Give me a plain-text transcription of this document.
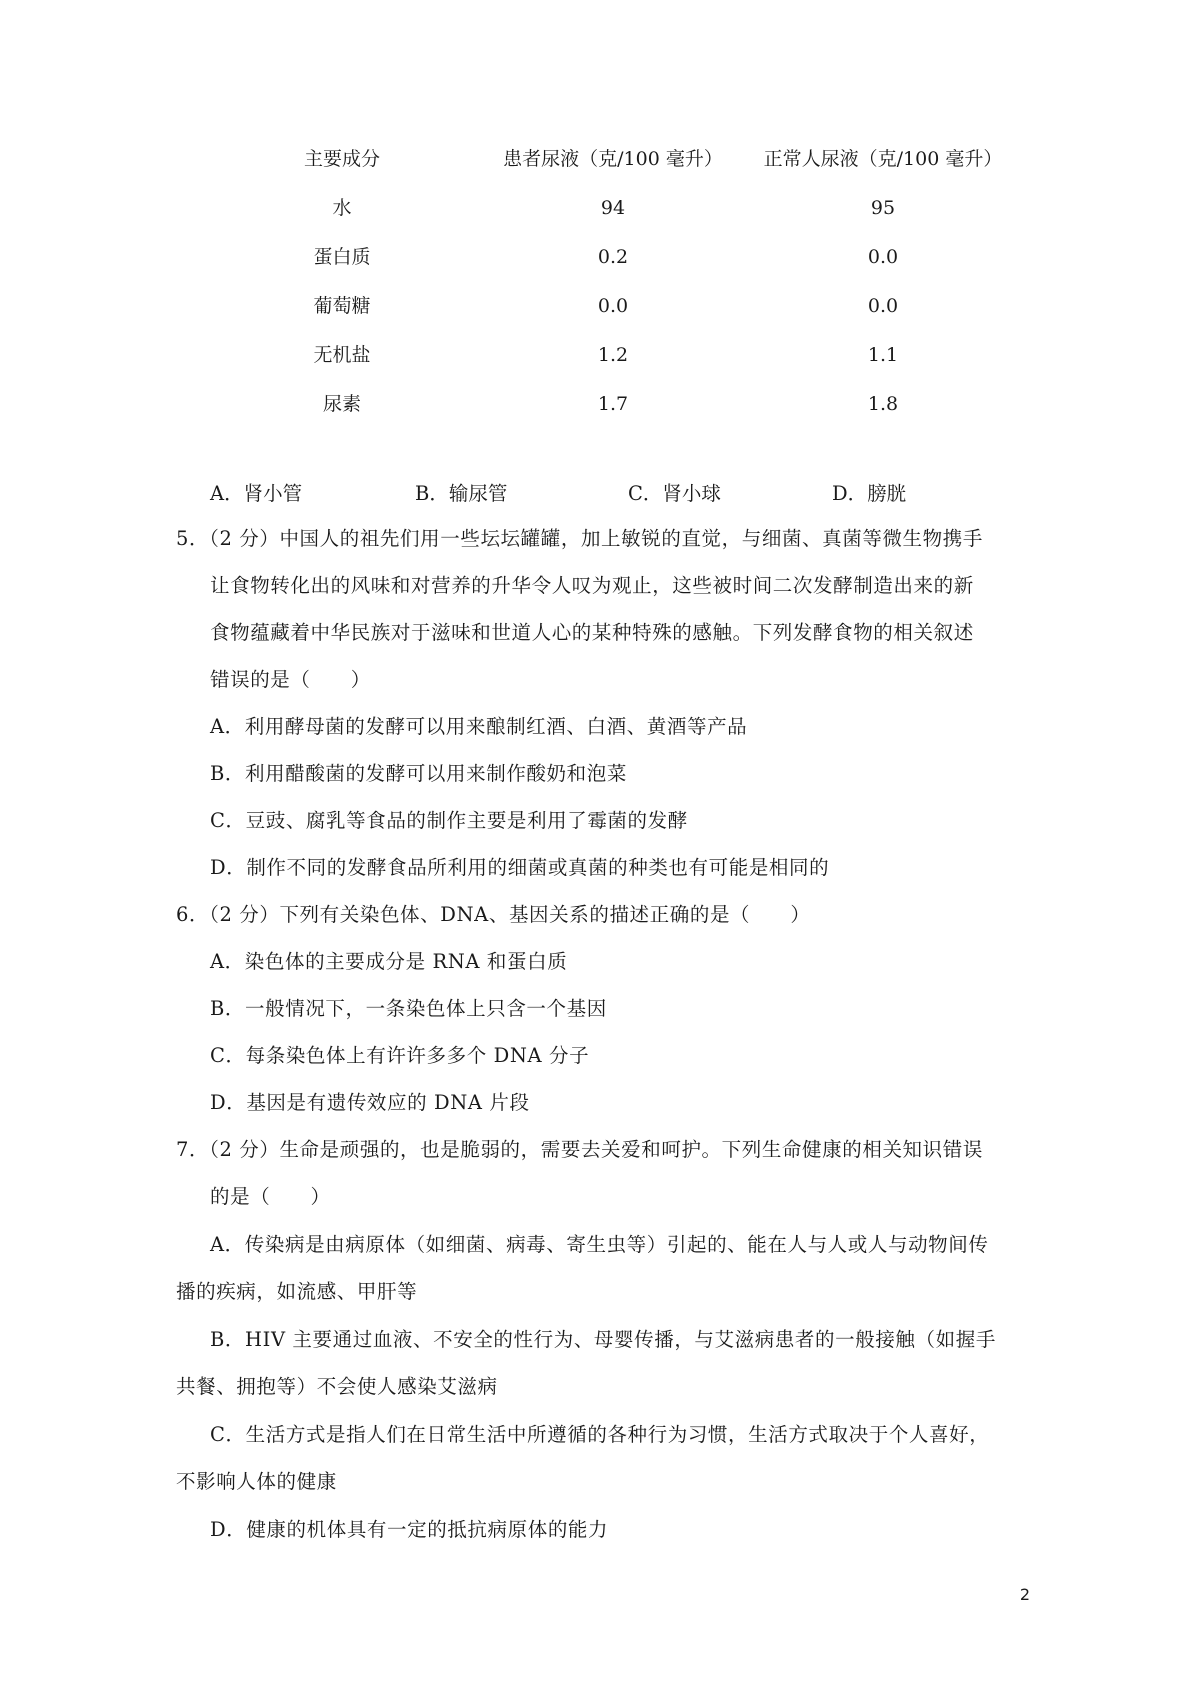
主要成分	患者尿液（克/100 毫升） 正常人尿液（克/100 毫升）
水	94	95
蛋白质	0.2	0.0
葡萄糖	0.0	0.0
无机盐	1.2	1.1
尿素	1.7	1.8
A．肾小管	B．输尿管	C．肾小球	D．膀胱
5．（2 分）中国人的祖先们用一些坛坛罐罐，加上敏锐的直觉，与细菌、真菌等微生物携手
让食物转化出的风味和对营养的升华令人叹为观止，这些被时间二次发酵制造出来的新
食物蕴藏着中华民族对于滋味和世道人心的某种特殊的感触。下列发酵食物的相关叙述
错误的是（　　）
A．利用酵母菌的发酵可以用来酿制红酒、白酒、黄酒等产品
B．利用醋酸菌的发酵可以用来制作酸奶和泡菜
C．豆豉、腐乳等食品的制作主要是利用了霉菌的发酵
D．制作不同的发酵食品所利用的细菌或真菌的种类也有可能是相同的
6．（2 分）下列有关染色体、DNA、基因关系的描述正确的是（　　）
A．染色体的主要成分是 RNA 和蛋白质
B．一般情况下，一条染色体上只含一个基因
C．每条染色体上有许许多多个 DNA 分子
D．基因是有遗传效应的 DNA 片段
7．（2 分）生命是顽强的，也是脆弱的，需要去关爱和呵护。下列生命健康的相关知识错误
的是（　　）
A．传染病是由病原体（如细菌、病毒、寄生虫等）引起的、能在人与人或人与动物间传
播的疾病，如流感、甲肝等
B．HIV 主要通过血液、不安全的性行为、母婴传播，与艾滋病患者的一般接触（如握手
共餐、拥抱等）不会使人感染艾滋病
C．生活方式是指人们在日常生活中所遵循的各种行为习惯，生活方式取决于个人喜好，
不影响人体的健康
D．健康的机体具有一定的抵抗病原体的能力
2
